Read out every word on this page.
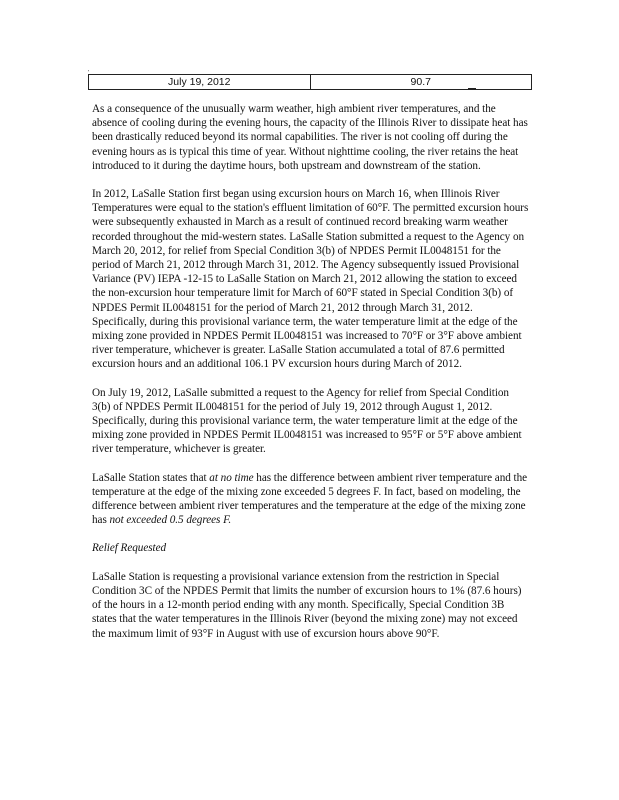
'
July 19, 2012	90.7

As a consequence of the unusually warm weather, high ambient river temperatures, and the absence of cooling during the evening hours, the capacity of the Illinois River to dissipate heat has been drastically reduced beyond its normal capabilities. The river is not cooling off during the evening hours as is typical this time of year. Without nighttime cooling, the river retains the heat introduced to it during the daytime hours, both upstream and downstream of the station.

In 2012, LaSalle Station first began using excursion hours on March 16, when Illinois River Temperatures were equal to the station's effluent limitation of 60°F. The permitted excursion hours were subsequently exhausted in March as a result of continued record breaking warm weather recorded throughout the mid-western states. LaSalle Station submitted a request to the Agency on March 20, 2012, for relief from Special Condition 3(b) of NPDES Permit IL0048151 for the period of March 21, 2012 through March 31, 2012. The Agency subsequently issued Provisional Variance (PV) IEPA -12-15 to LaSalle Station on March 21, 2012 allowing the station to exceed the non-excursion hour temperature limit for March of 60°F stated in Special Condition 3(b) of NPDES Permit IL0048151 for the period of March 21, 2012 through March 31, 2012. Specifically, during this provisional variance term, the water temperature limit at the edge of the mixing zone provided in NPDES Permit IL0048151 was increased to 70°F or 3°F above ambient river temperature, whichever is greater. LaSalle Station accumulated a total of 87.6 permitted excursion hours and an additional 106.1 PV excursion hours during March of 2012.

On July 19, 2012, LaSalle submitted a request to the Agency for relief from Special Condition 3(b) of NPDES Permit IL0048151 for the period of July 19, 2012 through August 1, 2012. Specifically, during this provisional variance term, the water temperature limit at the edge of the mixing zone provided in NPDES Permit IL0048151 was increased to 95°F or 5°F above ambient river temperature, whichever is greater.

LaSalle Station states that at no time has the difference between ambient river temperature and the temperature at the edge of the mixing zone exceeded 5 degrees F. In fact, based on modeling, the difference between ambient river temperatures and the temperature at the edge of the mixing zone has not exceeded 0.5 degrees F.

Relief Requested

LaSalle Station is requesting a provisional variance extension from the restriction in Special Condition 3C of the NPDES Permit that limits the number of excursion hours to 1% (87.6 hours) of the hours in a 12-month period ending with any month. Specifically, Special Condition 3B states that the water temperatures in the Illinois River (beyond the mixing zone) may not exceed the maximum limit of 93°F in August with use of excursion hours above 90°F.
